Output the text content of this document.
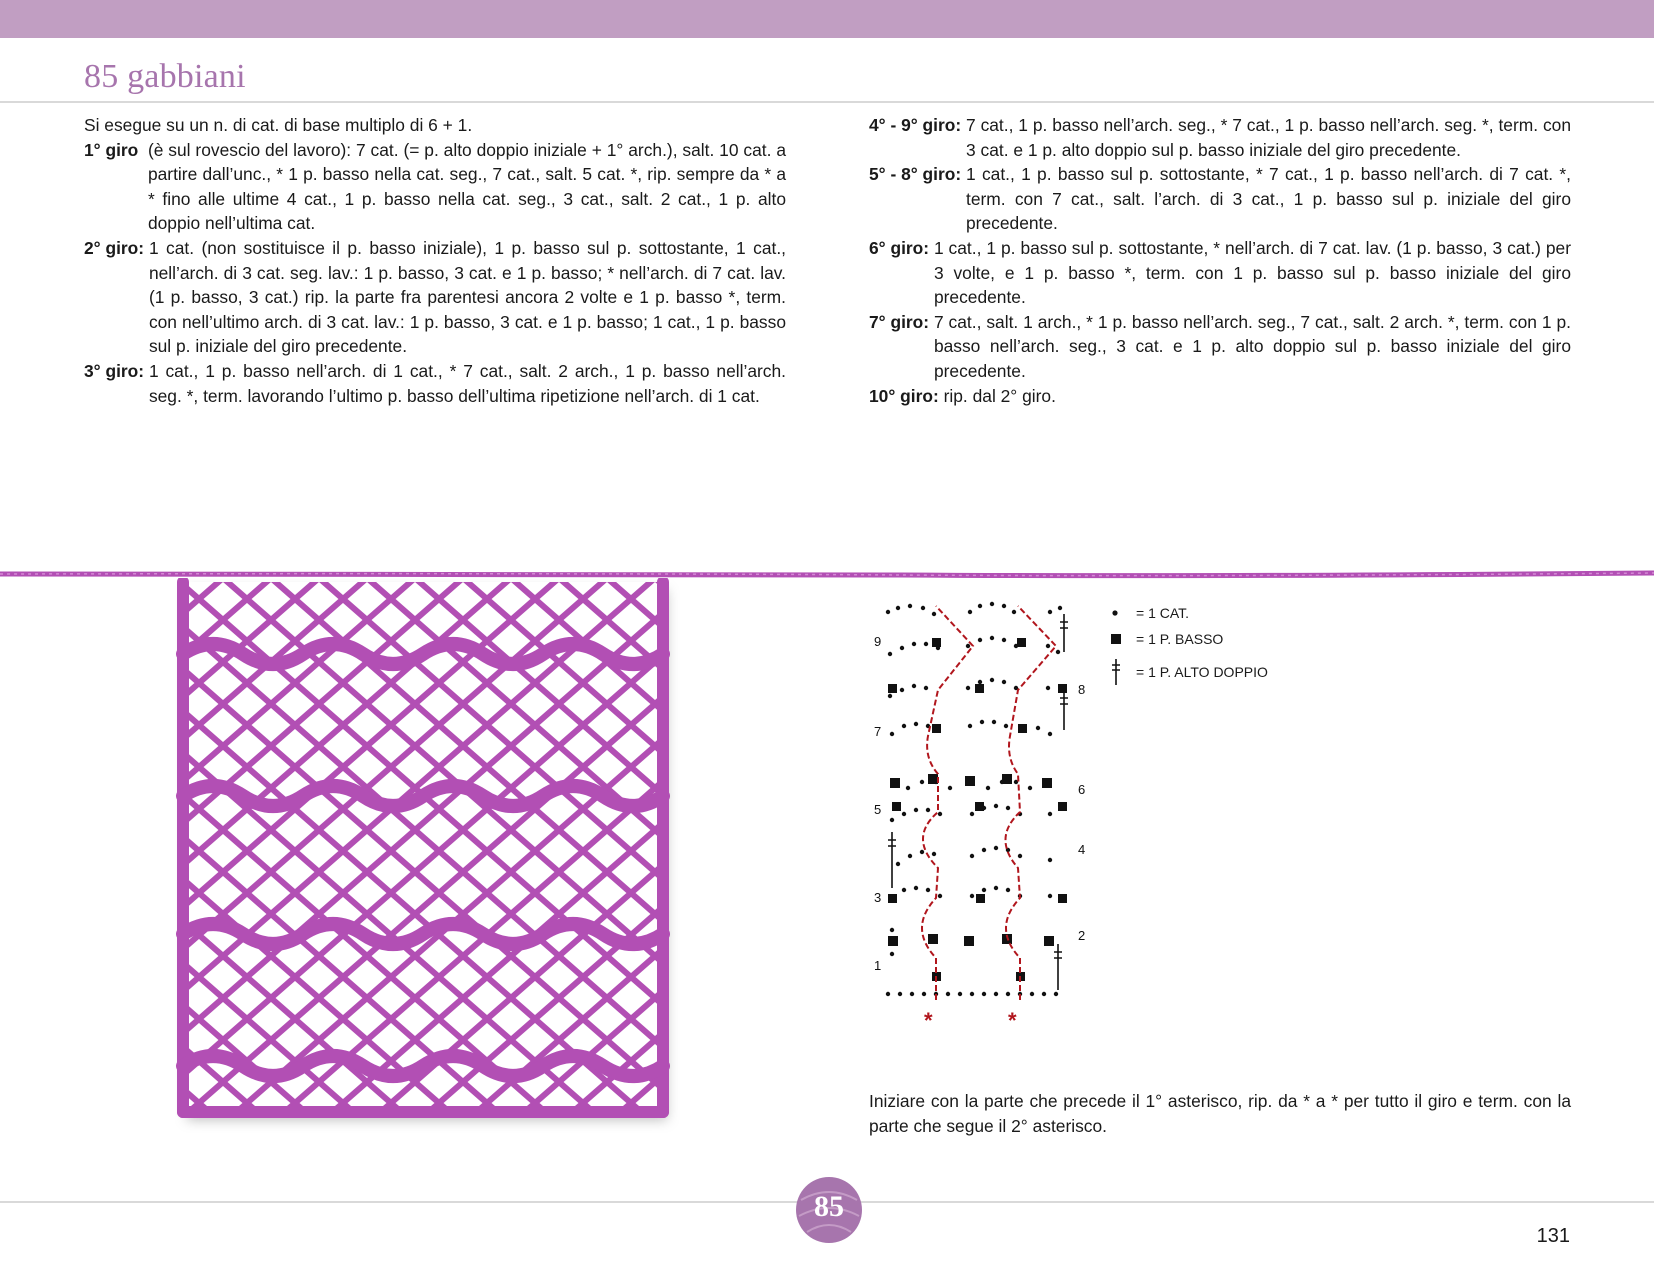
85 gabbiani

Si esegue su un n. di cat. di base multiplo di 6 + 1.

1° giro (è sul rovescio del lavoro): 7 cat. (= p. alto doppio iniziale + 1° arch.), salt. 10 cat. a partire dall’unc., * 1 p. basso nella cat. seg., 7 cat., salt. 5 cat. *, rip. sempre da * a * fino alle ultime 4 cat., 1 p. basso nella cat. seg., 3 cat., salt. 2 cat., 1 p. alto doppio nell’ultima cat.
2° giro: 1 cat. (non sostituisce il p. basso iniziale), 1 p. basso sul p. sottostante, 1 cat., nell’arch. di 3 cat. seg. lav.: 1 p. basso, 3 cat. e 1 p. basso; * nell’arch. di 7 cat. lav. (1 p. basso, 3 cat.) rip. la parte fra parentesi ancora 2 volte e 1 p. basso *, term. con nell’ultimo arch. di 3 cat. lav.: 1 p. basso, 3 cat. e 1 p. basso; 1 cat., 1 p. basso sul p. iniziale del giro precedente.
3° giro: 1 cat., 1 p. basso nell’arch. di 1 cat., * 7 cat., salt. 2 arch., 1 p. basso nell’arch. seg. *, term. lavorando l’ultimo p. basso dell’ultima ripetizione nell’arch. di 1 cat.
4° - 9° giro: 7 cat., 1 p. basso nell’arch. seg., * 7 cat., 1 p. basso nell’arch. seg. *, term. con 3 cat. e 1 p. alto doppio sul p. basso iniziale del giro precedente.
5° - 8° giro: 1 cat., 1 p. basso sul p. sottostante, * 7 cat., 1 p. basso nell’arch. di 7 cat. *, term. con 7 cat., salt. l’arch. di 3 cat., 1 p. basso sul p. iniziale del giro precedente.
6° giro: 1 cat., 1 p. basso sul p. sottostante, * nell’arch. di 7 cat. lav. (1 p. basso, 3 cat.) per 3 volte, e 1 p. basso *, term. con 1 p. basso sul p. basso iniziale del giro precedente.
7° giro: 7 cat., salt. 1 arch., * 1 p. basso nell’arch. seg., 7 cat., salt. 2 arch. *, term. con 1 p. basso nell’arch. seg., 3 cat. e 1 p. alto doppio sul p. basso iniziale del giro precedente.
10° giro: rip. dal 2° giro.
*	*
9
8
7
6
5
4
3
2
1
= 1 CAT.
= 1 P. BASSO
= 1 P. ALTO DOPPIO
Iniziare con la parte che precede il 1° asterisco, rip. da * a * per tutto il giro e term. con la parte che segue il 2° asterisco.
85
131
